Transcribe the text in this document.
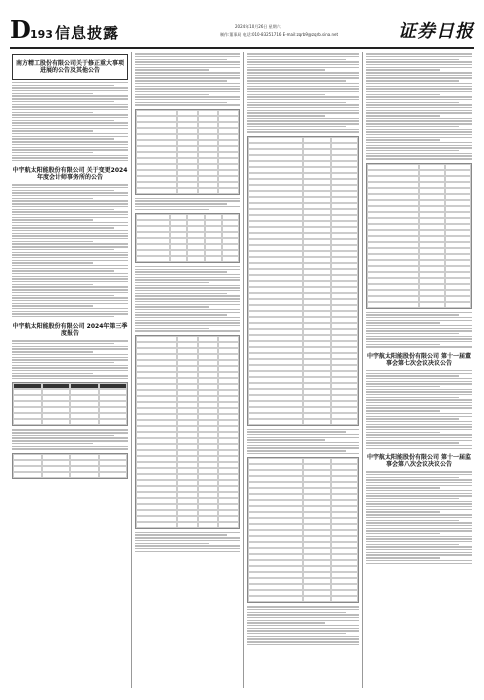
D 193 信息披露	2024年10月26日 星期六
制作:董事局 电话:010-83251716 E-mail:zqrb9@zqrb.sina.net	证券日报
南方精工股份有限公司关于修正重大事项进展的公告及其他公告
中宇航太阳能股份有限公司 关于变更2024年度会计师事务所的公告
中宇航太阳能股份有限公司 2024年第三季度报告
中宇航太阳能股份有限公司 第十一届董事会第七次会议决议公告
中宇航太阳能股份有限公司 第十一届监事会第八次会议决议公告
